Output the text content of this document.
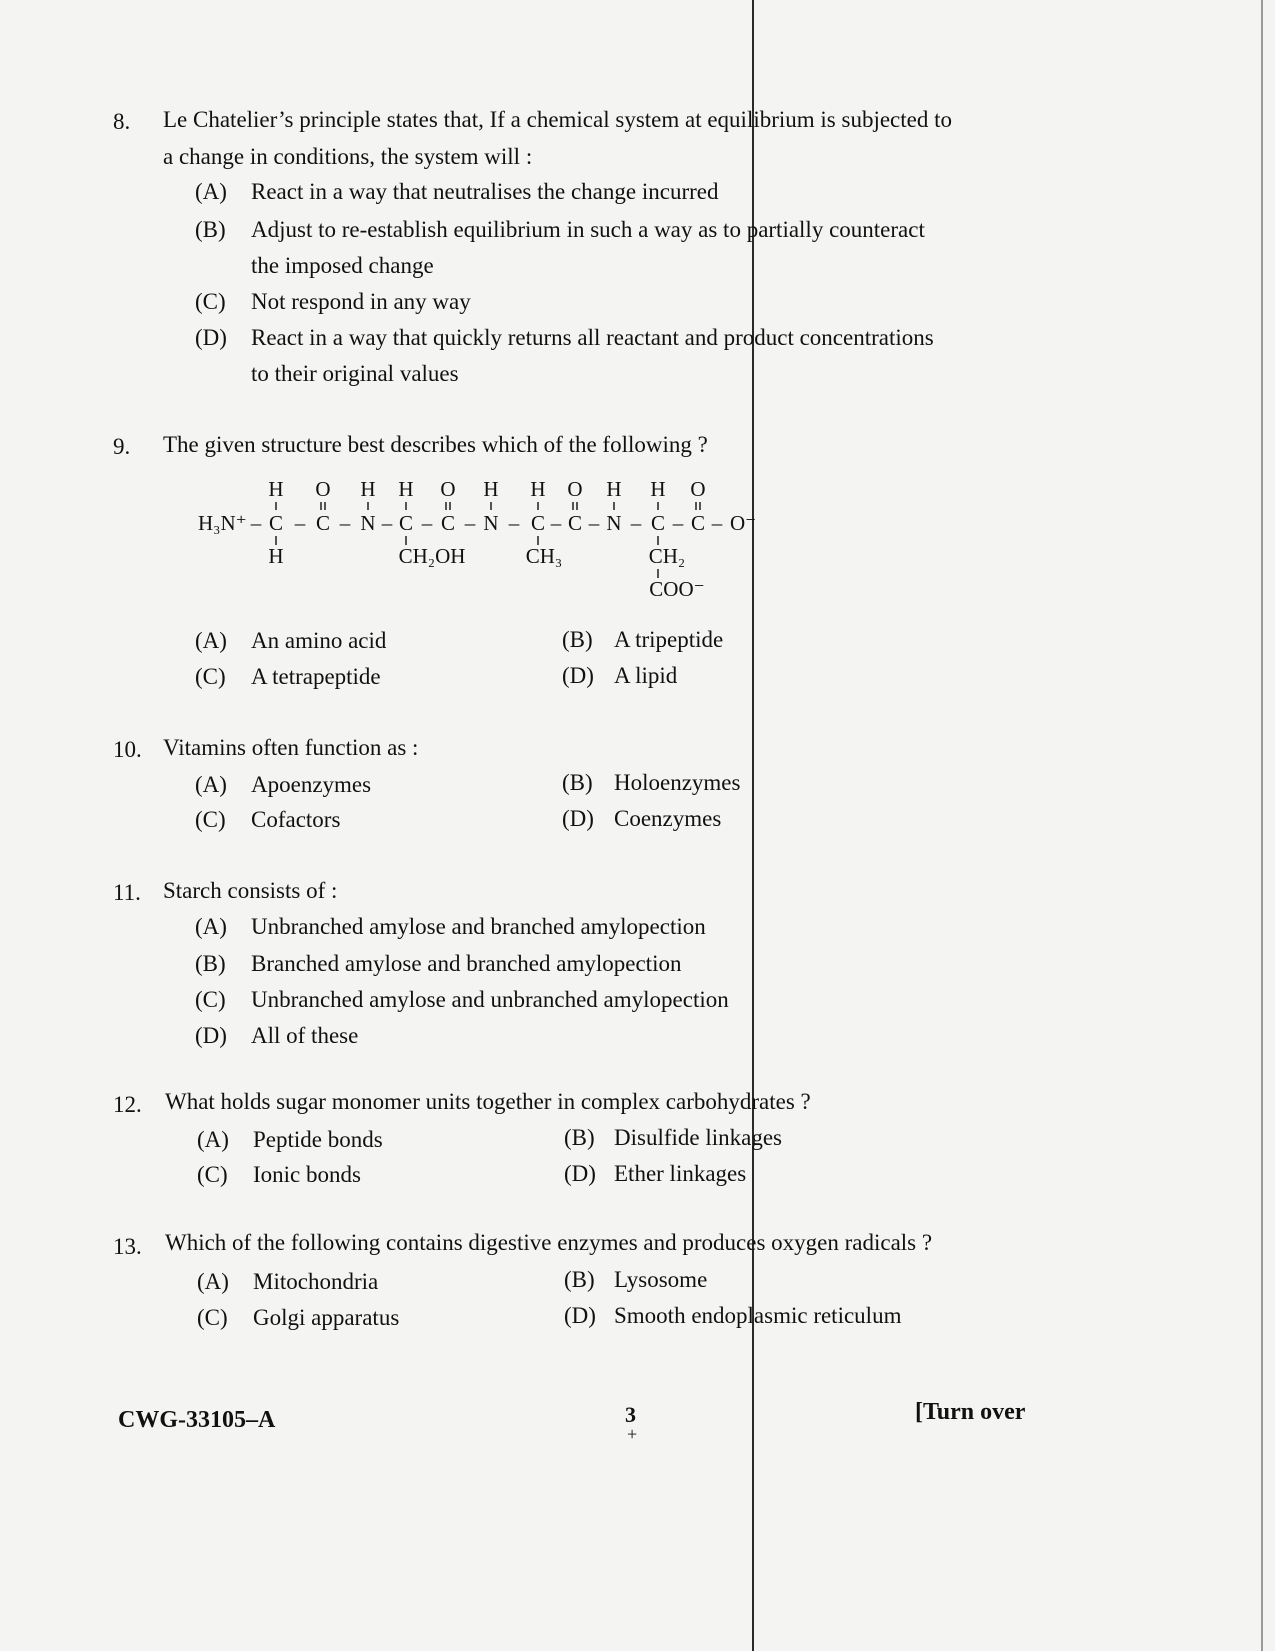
8. Le Chatelier’s principle states that, If a chemical system at equilibrium is subjected to
a change in conditions, the system will :
(A) React in a way that neutralises the change incurred
(B) Adjust to re-establish equilibrium in such a way as to partially counteract
the imposed change
(C) Not respond in any way
(D) React in a way that quickly returns all reactant and product concentrations
to their original values
9. The given structure best describes which of the following ?
H O H H O H H O H H O
H₃N⁺ – C – C – N – C – C – N – C – C – N – C – C – O⁻
H	CH₂OH	CH₃	CH₂
COO⁻
(A) An amino acid	(B) A tripeptide
(C) A tetrapeptide	(D) A lipid
10. Vitamins often function as :
(A) Apoenzymes	(B) Holoenzymes
(C) Cofactors	(D) Coenzymes
11. Starch consists of :
(A) Unbranched amylose and branched amylopection
(B) Branched amylose and branched amylopection
(C) Unbranched amylose and unbranched amylopection
(D) All of these
12. What holds sugar monomer units together in complex carbohydrates ?
(A) Peptide bonds	(B) Disulfide linkages
(C) Ionic bonds	(D) Ether linkages
13. Which of the following contains digestive enzymes and produces oxygen radicals ?
(A) Mitochondria	(B) Lysosome
(C) Golgi apparatus	(D) Smooth endoplasmic reticulum
CWG-33105–A	3
+
[Turn over
